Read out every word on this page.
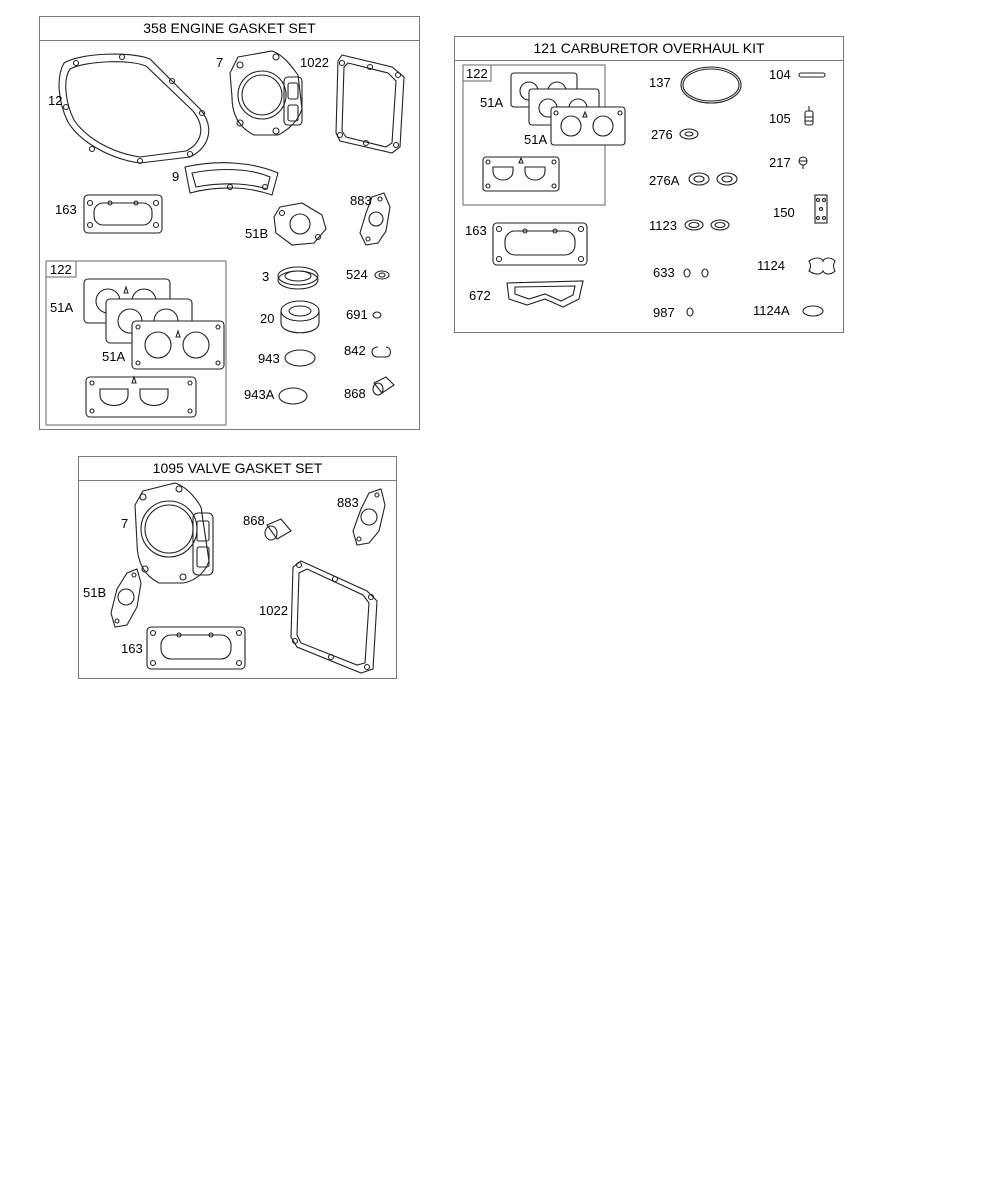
358 ENGINE GASKET SET
12
7	1022
9
163
51B
883
122
51A
51A
3	524
20	691
943
842
943A	868
121 CARBURETOR OVERHAUL KIT
122
51A
51A
163
672
137
104
276
105
217
276A
150
1123
633	1124
987	1124A
1095 VALVE GASKET SET
7	868
883
51B
1022
163
